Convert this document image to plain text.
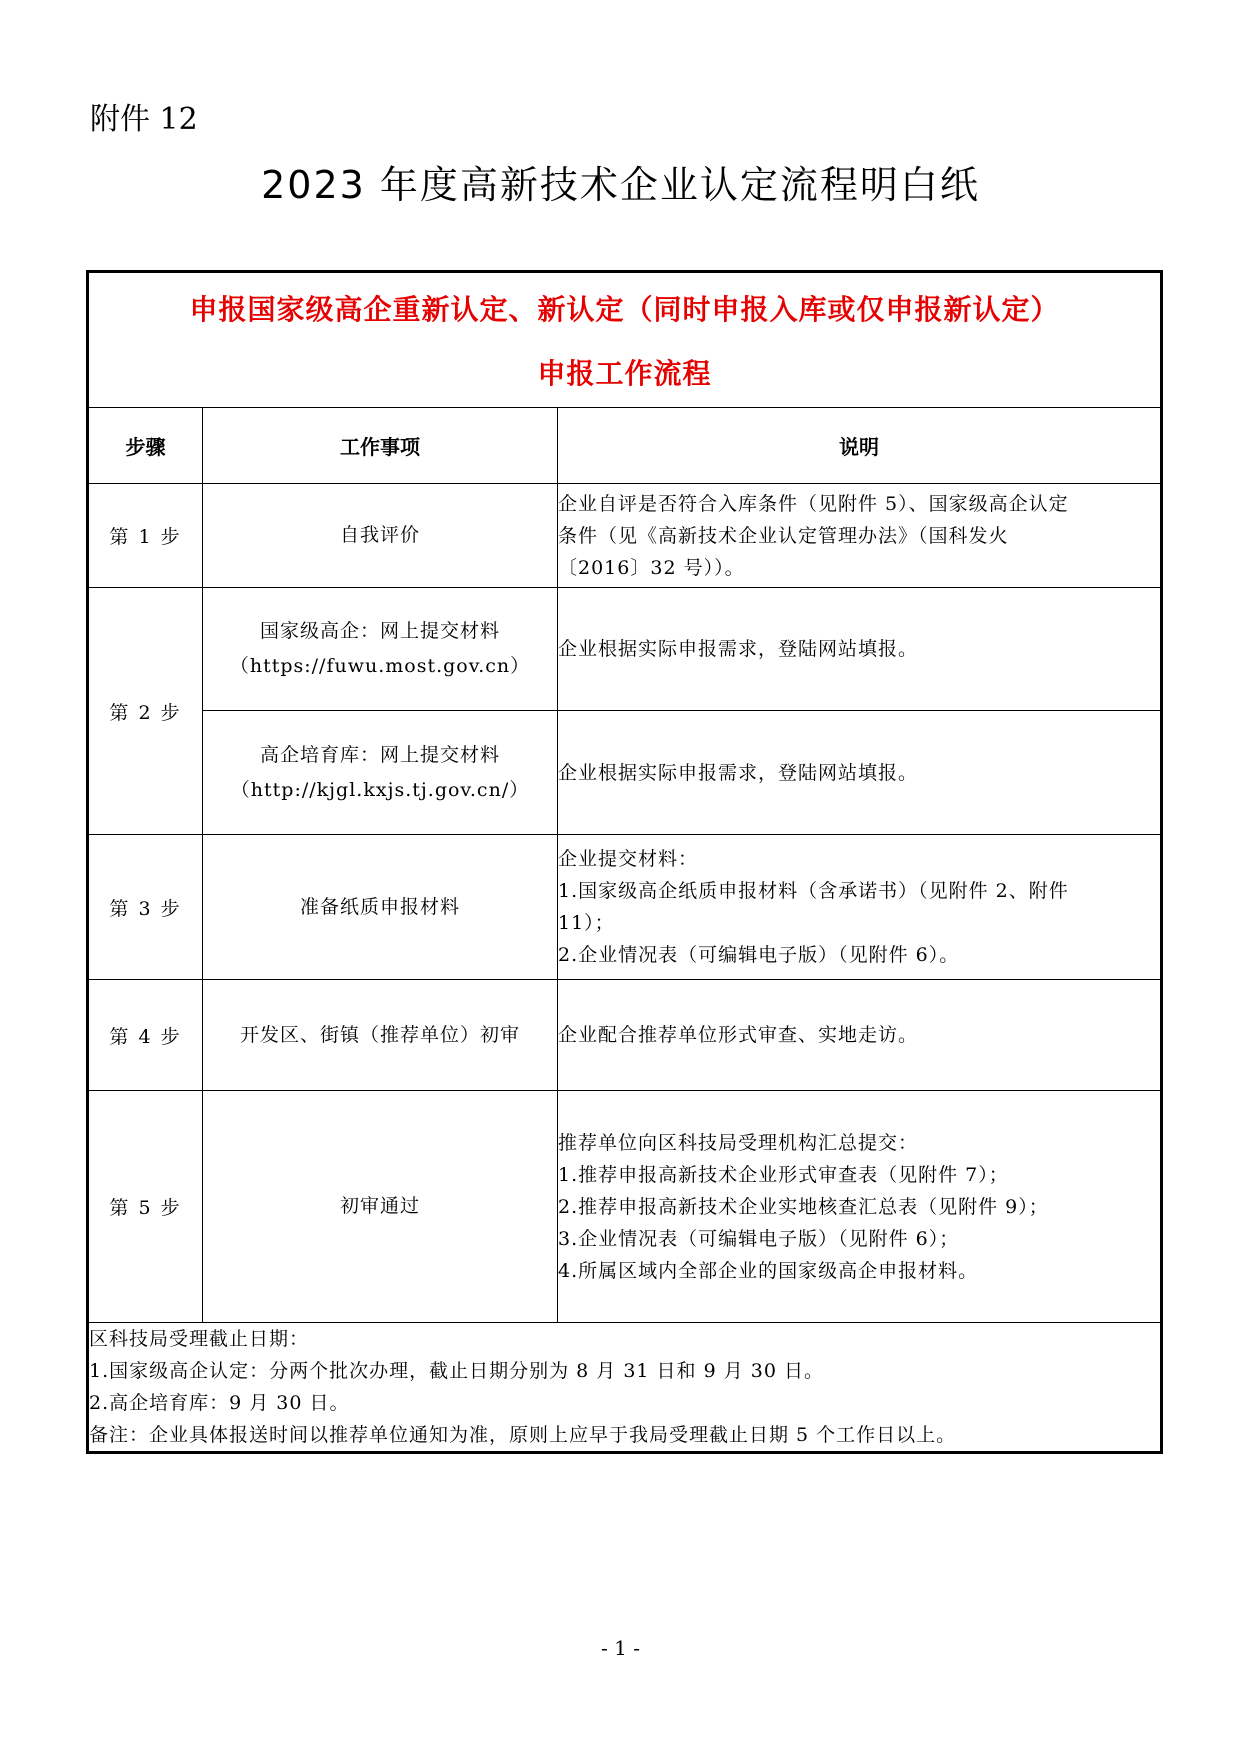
附件 12
2023 年度高新技术企业认定流程明白纸
申报国家级高企重新认定、新认定（同时申报入库或仅申报新认定）
申报工作流程		

步骤	工作事项	说明
第 1 步	自我评价	企业自评是否符合入库条件（见附件 5）、国家级高企认定
条件（见《高新技术企业认定管理办法》（国科发火
〔2016〕32 号））。

第 2 步	国家级高企：网上提交材料
（https://fuwu.most.gov.cn）	企业根据实际申报需求，登陆网站填报。

	高企培育库：网上提交材料
（http://kjgl.kxjs.tj.gov.cn/）	企业根据实际申报需求，登陆网站填报。

第 3 步	准备纸质申报材料	企业提交材料：
1.国家级高企纸质申报材料（含承诺书）（见附件 2、附件
11）；
2.企业情况表（可编辑电子版）（见附件 6）。

第 4 步	开发区、街镇（推荐单位）初审	企业配合推荐单位形式审查、实地走访。

第 5 步	初审通过	推荐单位向区科技局受理机构汇总提交：
1.推荐申报高新技术企业形式审查表（见附件 7）；
2.推荐申报高新技术企业实地核查汇总表（见附件 9）；
3.企业情况表（可编辑电子版）（见附件 6）；
4.所属区域内全部企业的国家级高企申报材料。

区科技局受理截止日期：
1.国家级高企认定：分两个批次办理，截止日期分别为 8 月 31 日和 9 月 30 日。
2.高企培育库：9 月 30 日。
备注：企业具体报送时间以推荐单位通知为准，原则上应早于我局受理截止日期 5 个工作日以上。		
- 1 -
